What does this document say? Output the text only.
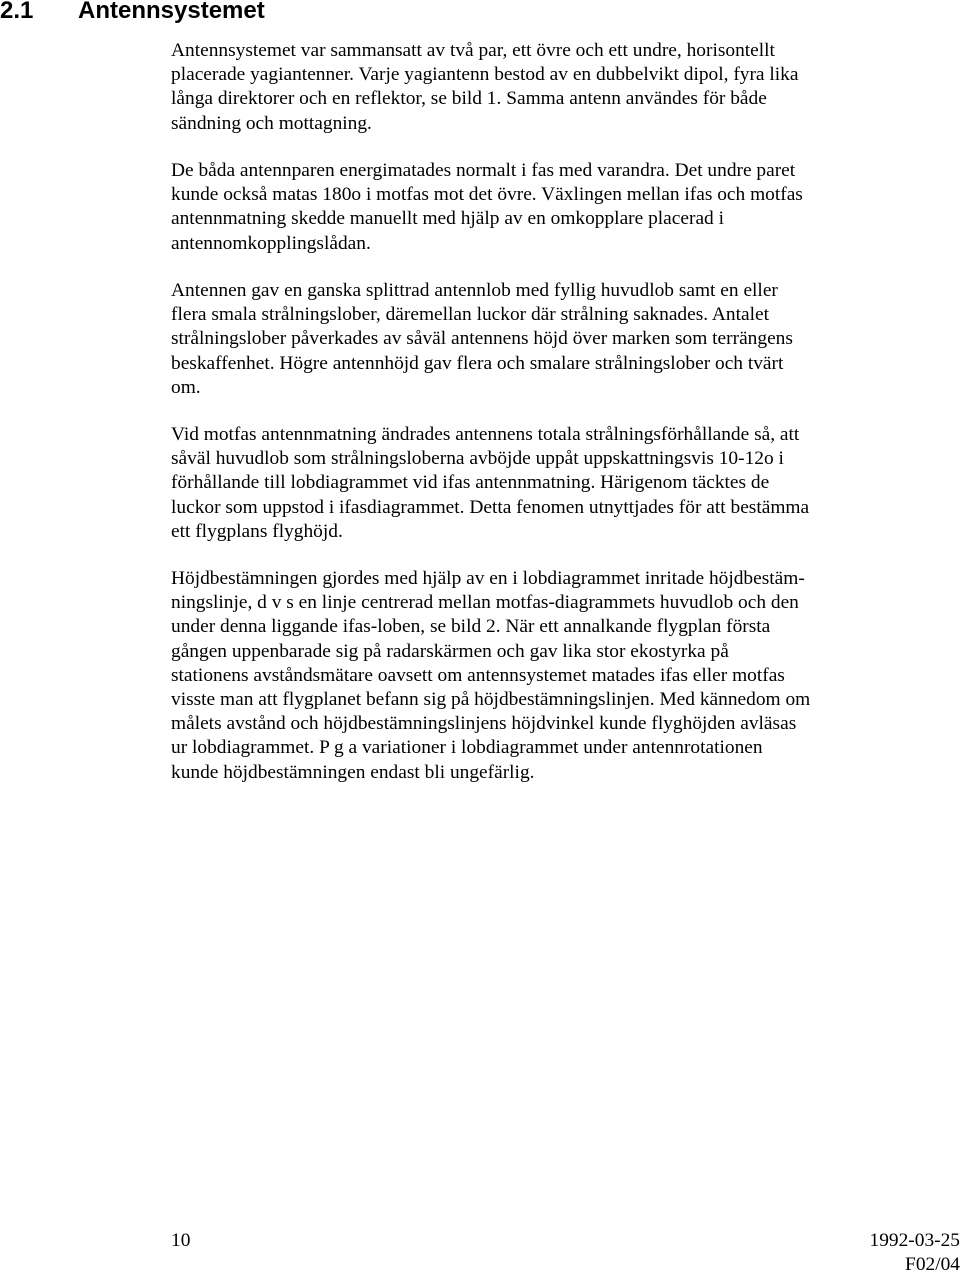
2.1 Antennsystemet

Antennsystemet var sammansatt av två par, ett övre och ett undre, horisontellt

placerade yagiantenner. Varje yagiantenn bestod av en dubbelvikt dipol, fyra lika

långa direktorer och en reflektor, se bild 1. Samma antenn användes för både

sändning och mottagning.

De båda antennparen energimatades normalt i fas med varandra. Det undre paret

kunde också matas 180o i motfas mot det övre. Växlingen mellan ifas och motfas

antennmatning skedde manuellt med hjälp av en omkopplare placerad i

antennomkopplingslådan.

Antennen gav en ganska splittrad antennlob med fyllig huvudlob samt en eller

flera smala strålningslober, däremellan luckor där strålning saknades. Antalet

strålningslober påverkades av såväl antennens höjd över marken som terrängens

beskaffenhet. Högre antennhöjd gav flera och smalare strålningslober och tvärt

om.

Vid motfas antennmatning ändrades antennens totala strålningsförhållande så, att

såväl huvudlob som strålningsloberna avböjde uppåt uppskattningsvis 10-12o i

förhållande till lobdiagrammet vid ifas antennmatning. Härigenom täcktes de

luckor som uppstod i ifasdiagrammet. Detta fenomen utnyttjades för att bestämma

ett flygplans flyghöjd.

Höjdbestämningen gjordes med hjälp av en i lobdiagrammet inritade höjdbestäm-

ningslinje, d v s en linje centrerad mellan motfas-diagrammets huvudlob och den

under denna liggande ifas-loben, se bild 2. När ett annalkande flygplan första

gången uppenbarade sig på radarskärmen och gav lika stor ekostyrka på

stationens avståndsmätare oavsett om antennsystemet matades ifas eller motfas

visste man att flygplanet befann sig på höjdbestämningslinjen. Med kännedom om

målets avstånd och höjdbestämningslinjens höjdvinkel kunde flyghöjden avläsas

ur lobdiagrammet. P g a variationer i lobdiagrammet under antennrotationen

kunde höjdbestämningen endast bli ungefärlig.

10	1992-03-25
F02/04
